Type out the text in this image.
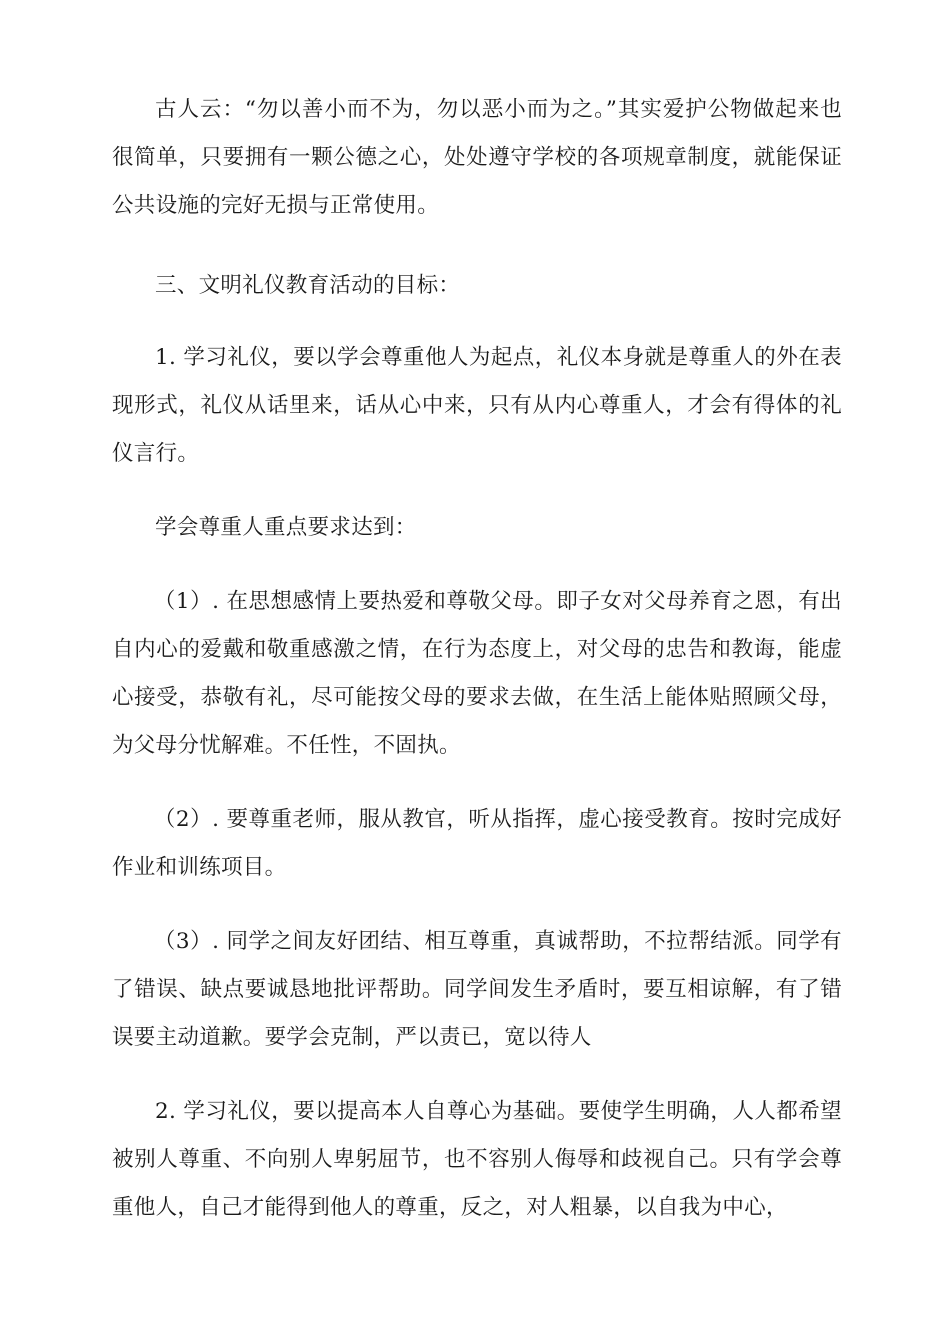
古人云：“勿以善小而不为，勿以恶小而为之。”其实爱护公物做起来也很简单，只要拥有一颗公德之心，处处遵守学校的各项规章制度，就能保证公共设施的完好无损与正常使用。

三、文明礼仪教育活动的目标：

1. 学习礼仪，要以学会尊重他人为起点，礼仪本身就是尊重人的外在表现形式，礼仪从话里来，话从心中来，只有从内心尊重人，才会有得体的礼仪言行。

学会尊重人重点要求达到：

（1）. 在思想感情上要热爱和尊敬父母。即子女对父母养育之恩，有出自内心的爱戴和敬重感激之情，在行为态度上，对父母的忠告和教诲，能虚心接受，恭敬有礼，尽可能按父母的要求去做，在生活上能体贴照顾父母，为父母分忧解难。不任性，不固执。

（2）. 要尊重老师，服从教官，听从指挥，虚心接受教育。按时完成好作业和训练项目。

（3）. 同学之间友好团结、相互尊重，真诚帮助，不拉帮结派。同学有了错误、缺点要诚恳地批评帮助。同学间发生矛盾时，要互相谅解，有了错误要主动道歉。要学会克制，严以责已，宽以待人

2. 学习礼仪，要以提高本人自尊心为基础。要使学生明确，人人都希望被别人尊重、不向别人卑躬屈节，也不容别人侮辱和歧视自己。只有学会尊重他人，自己才能得到他人的尊重，反之，对人粗暴，以自我为中心，
